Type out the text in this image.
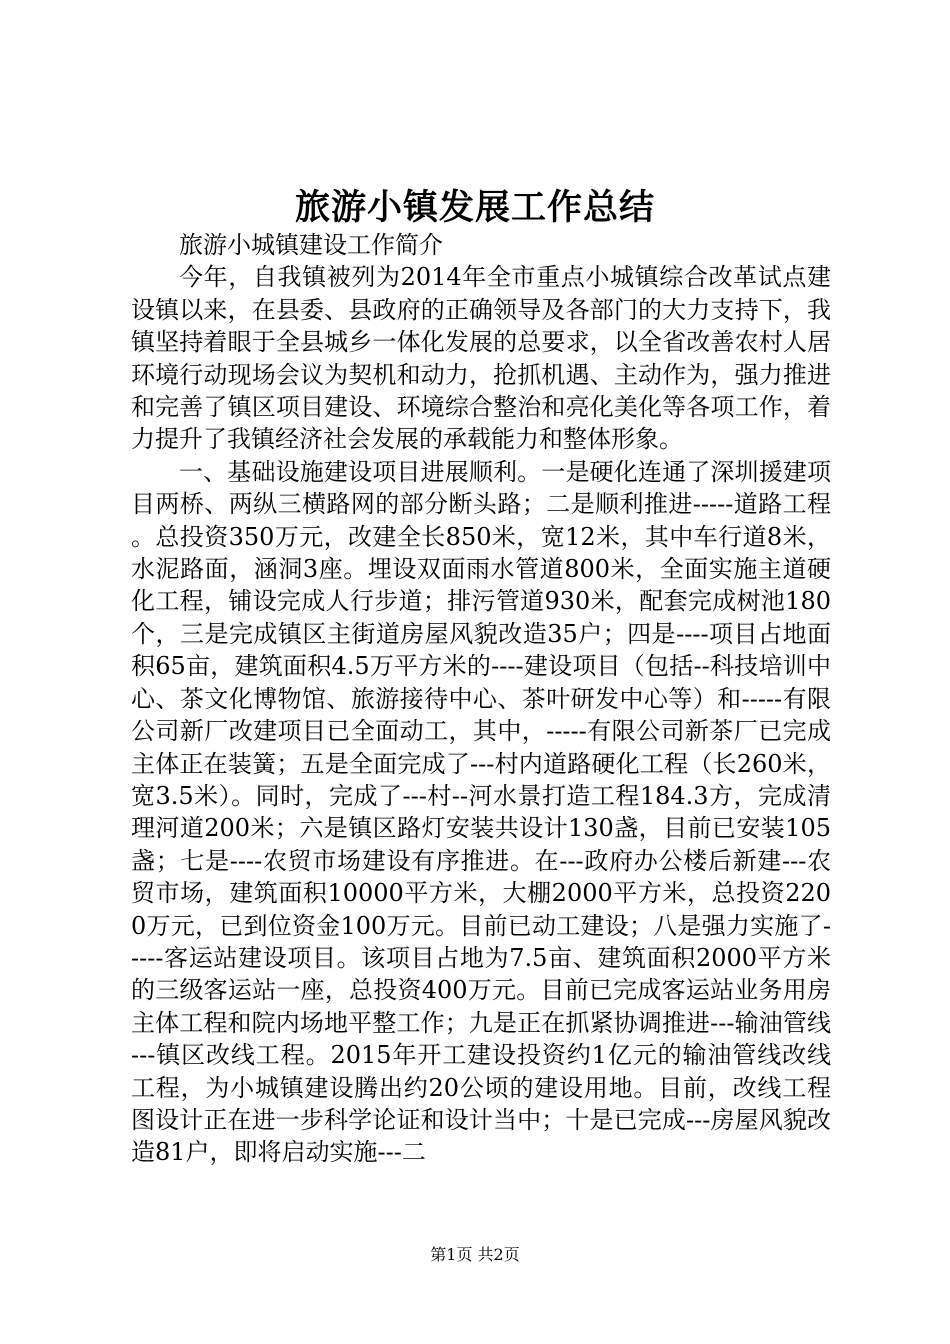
旅游小镇发展工作总结

旅游小城镇建设工作简介

今年，自我镇被列为2014年全市重点小城镇综合改革试点建设镇以来，在县委、县政府的正确领导及各部门的大力支持下，我镇坚持着眼于全县城乡一体化发展的总要求，以全省改善农村人居环境行动现场会议为契机和动力，抢抓机遇、主动作为，强力推进和完善了镇区项目建设、环境综合整治和亮化美化等各项工作，着力提升了我镇经济社会发展的承载能力和整体形象。

一、基础设施建设项目进展顺利。一是硬化连通了深圳援建项目两桥、两纵三横路网的部分断头路；二是顺利推进-----道路工程。总投资350万元，改建全长850米，宽12米，其中车行道8米，水泥路面，涵洞3座。埋设双面雨水管道800米，全面实施主道硬化工程，铺设完成人行步道；排污管道930米，配套完成树池180个，三是完成镇区主街道房屋风貌改造35户；四是----项目占地面积65亩，建筑面积4.5万平方米的----建设项目（包括--科技培训中心、茶文化博物馆、旅游接待中心、茶叶研发中心等）和-----有限公司新厂改建项目已全面动工，其中，-----有限公司新茶厂已完成主体正在装簧；五是全面完成了---村内道路硬化工程（长260米，宽3.5米）。同时，完成了---村--河水景打造工程184.3方，完成清理河道200米；六是镇区路灯安装共设计130盏，目前已安装105盏；七是----农贸市场建设有序推进。在---政府办公楼后新建---农贸市场，建筑面积10000平方米，大棚2000平方米，总投资2200万元，已到位资金100万元。目前已动工建设；八是强力实施了-----客运站建设项目。该项目占地为7.5亩、建筑面积2000平方米的三级客运站一座，总投资400万元。目前已完成客运站业务用房主体工程和院内场地平整工作；九是正在抓紧协调推进---输油管线---镇区改线工程。2015年开工建设投资约1亿元的输油管线改线工程，为小城镇建设腾出约20公顷的建设用地。目前，改线工程图设计正在进一步科学论证和设计当中；十是已完成---房屋风貌改造81户，即将启动实施---二

第1页 共2页
